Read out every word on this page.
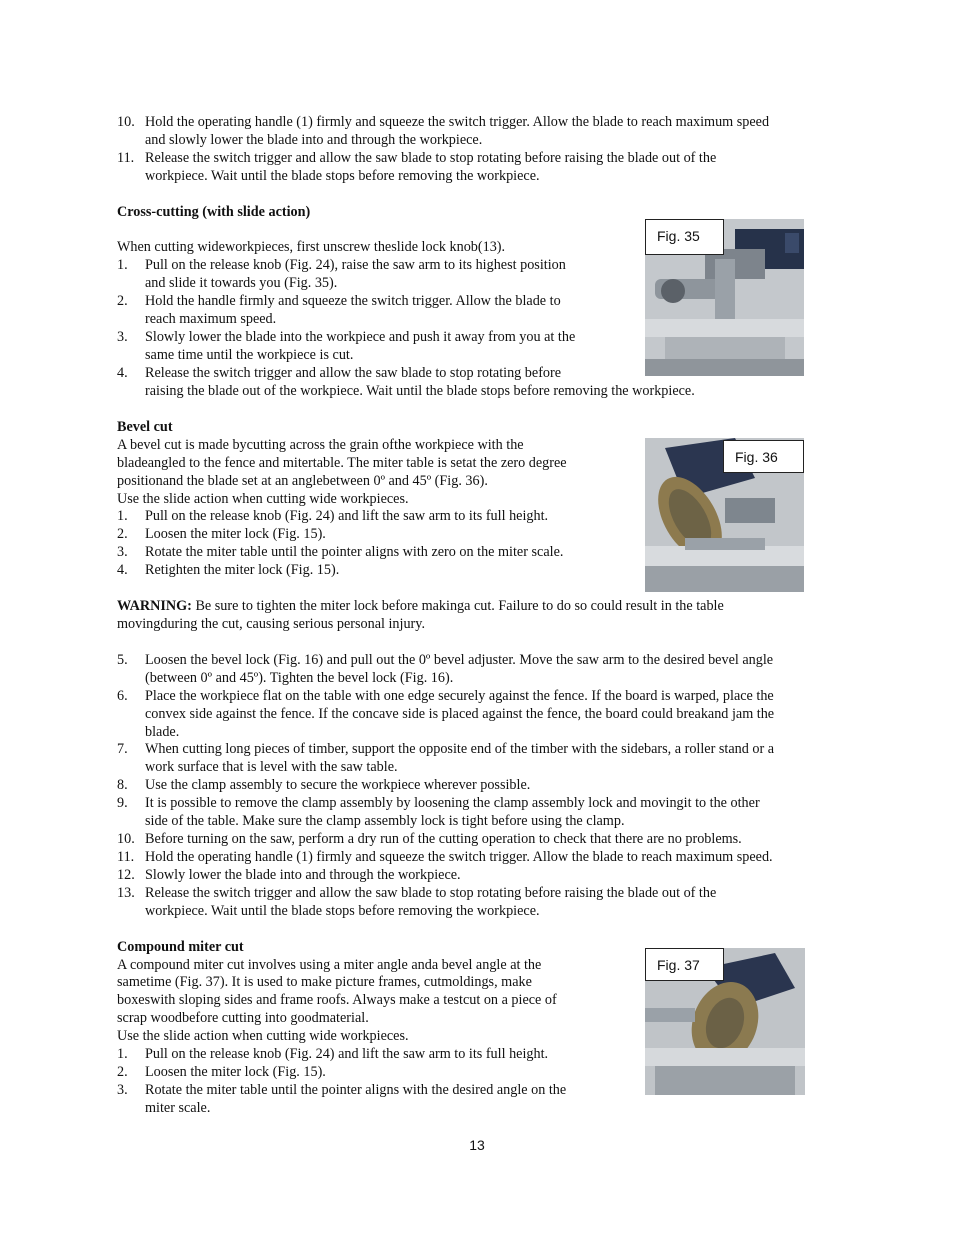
10. Hold the operating handle (1) firmly and squeeze the switch trigger. Allow the blade to reach maximum speed
and slowly lower the blade into and through the workpiece.
11. Release the switch trigger and allow the saw blade to stop rotating before raising the blade out of the
workpiece. Wait until the blade stops before removing the workpiece.
Cross-cutting (with slide action)
When cutting wideworkpieces, first unscrew theslide lock knob(13).
1. Pull on the release knob (Fig. 24), raise the saw arm to its highest position
and slide it towards you (Fig. 35).
2. Hold the handle firmly and squeeze the switch trigger. Allow the blade to
reach maximum speed.
3. Slowly lower the blade into the workpiece and push it away from you at the
same time until the workpiece is cut.
4. Release the switch trigger and allow the saw blade to stop rotating before
raising the blade out of the workpiece. Wait until the blade stops before removing the workpiece.
Fig. 35
Bevel cut
A bevel cut is made bycutting across the grain ofthe workpiece with the
bladeangled to the fence and mitertable. The miter table is setat the zero degree
positionand the blade set at an anglebetween 0º and 45º (Fig. 36).
Use the slide action when cutting wide workpieces.
1. Pull on the release knob (Fig. 24) and lift the saw arm to its full height.
2. Loosen the miter lock (Fig. 15).
3. Rotate the miter table until the pointer aligns with zero on the miter scale.
4. Retighten the miter lock (Fig. 15).
Fig. 36
WARNING: Be sure to tighten the miter lock before makinga cut. Failure to do so could result in the table
movingduring the cut, causing serious personal injury.
5. Loosen the bevel lock (Fig. 16) and pull out the 0º bevel adjuster. Move the saw arm to the desired bevel angle
(between 0º and 45º). Tighten the bevel lock (Fig. 16).
6. Place the workpiece flat on the table with one edge securely against the fence. If the board is warped, place the
convex side against the fence. If the concave side is placed against the fence, the board could breakand jam the
blade.
7. When cutting long pieces of timber, support the opposite end of the timber with the sidebars, a roller stand or a
work surface that is level with the saw table.
8. Use the clamp assembly to secure the workpiece wherever possible.
9. It is possible to remove the clamp assembly by loosening the clamp assembly lock and movingit to the other
side of the table. Make sure the clamp assembly lock is tight before using the clamp.
10. Before turning on the saw, perform a dry run of the cutting operation to check that there are no problems.
11. Hold the operating handle (1) firmly and squeeze the switch trigger. Allow the blade to reach maximum speed.
12. Slowly lower the blade into and through the workpiece.
13. Release the switch trigger and allow the saw blade to stop rotating before raising the blade out of the
workpiece. Wait until the blade stops before removing the workpiece.
Compound miter cut
A compound miter cut involves using a miter angle anda bevel angle at the
sametime (Fig. 37). It is used to make picture frames, cutmoldings, make
boxeswith sloping sides and frame roofs. Always make a testcut on a piece of
scrap woodbefore cutting into goodmaterial.
Use the slide action when cutting wide workpieces.
1. Pull on the release knob (Fig. 24) and lift the saw arm to its full height.
2. Loosen the miter lock (Fig. 15).
3. Rotate the miter table until the pointer aligns with the desired angle on the
miter scale.
Fig. 37
13
